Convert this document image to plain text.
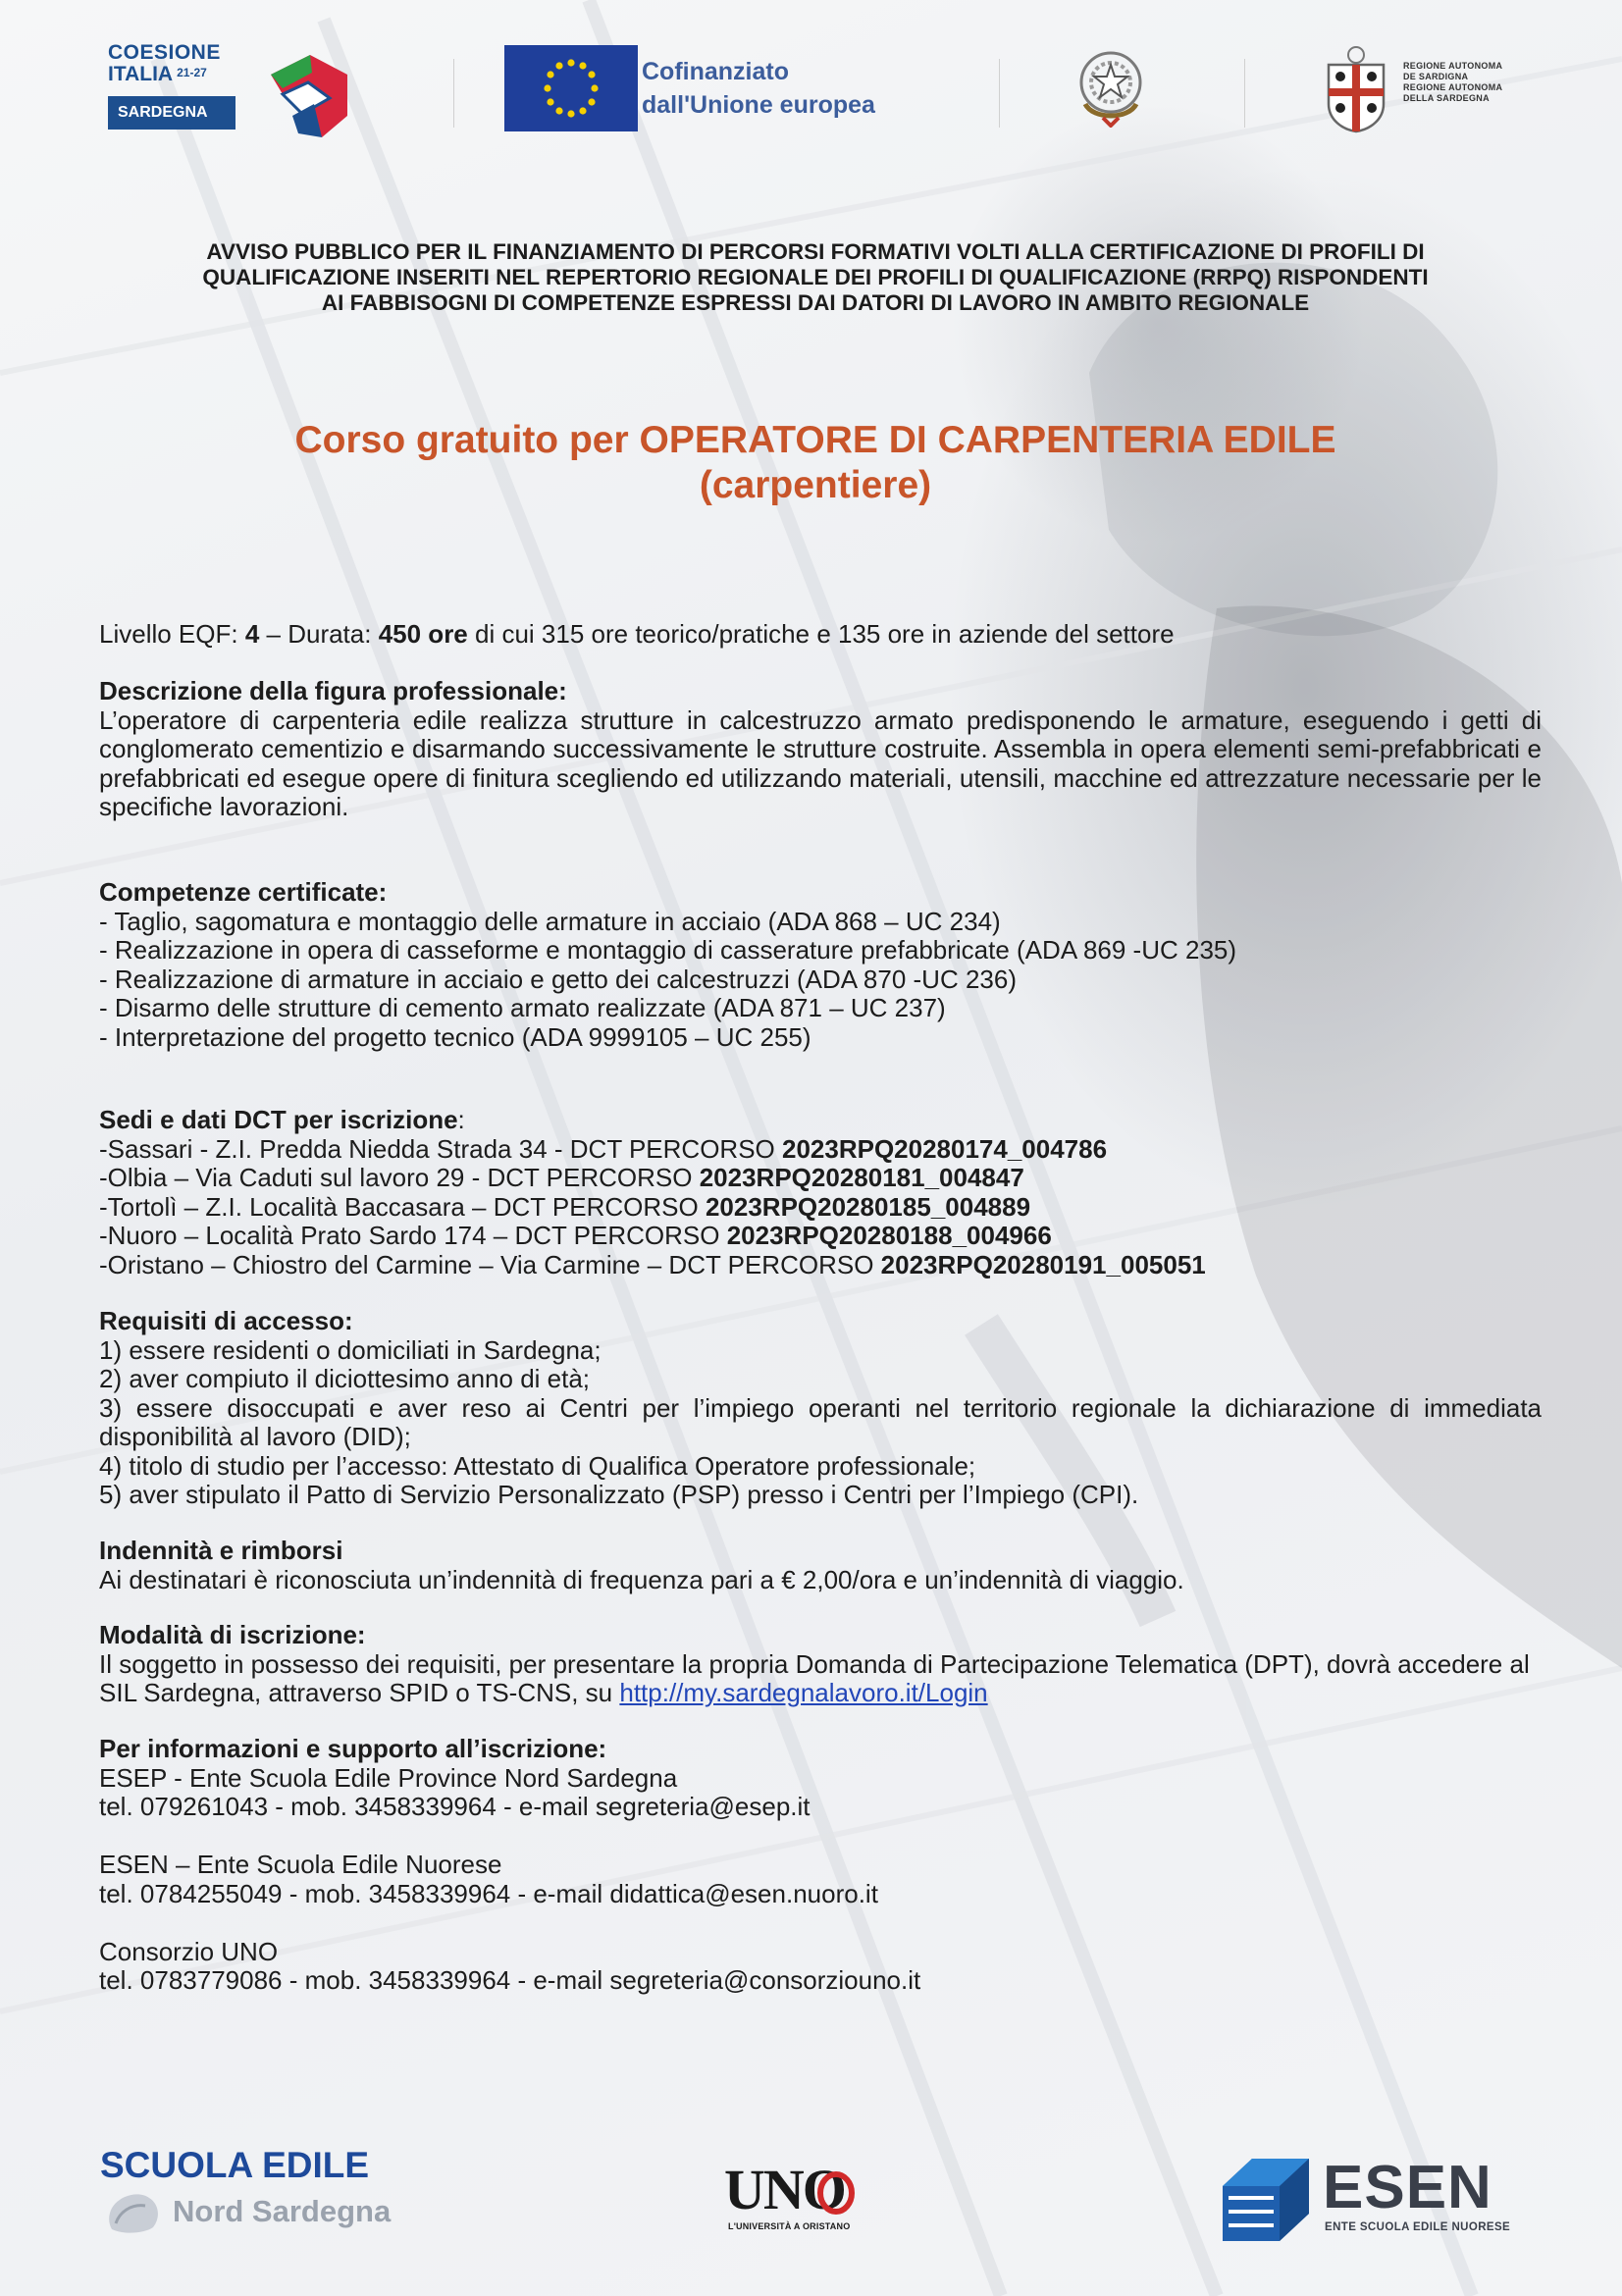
COESIONE
ITALIA 21-27
SARDEGNA
Cofinanziato
dall'Unione europea
REGIONE AUTONOMA
DE SARDIGNA
REGIONE AUTONOMA
DELLA SARDEGNA
AVVISO PUBBLICO PER IL FINANZIAMENTO DI PERCORSI FORMATIVI VOLTI ALLA CERTIFICAZIONE DI PROFILI DI
QUALIFICAZIONE INSERITI NEL REPERTORIO REGIONALE DEI PROFILI DI QUALIFICAZIONE (RRPQ) RISPONDENTI
AI FABBISOGNI DI COMPETENZE ESPRESSI DAI DATORI DI LAVORO IN AMBITO REGIONALE
Corso gratuito per OPERATORE DI CARPENTERIA EDILE
(carpentiere)
Livello EQF: 4 – Durata: 450 ore di cui 315 ore teorico/pratiche e 135 ore in aziende del settore
Descrizione della figura professionale:
L’operatore di carpenteria edile realizza strutture in calcestruzzo armato predisponendo le armature, eseguendo i getti di conglomerato cementizio e disarmando successivamente le strutture costruite. Assembla in opera elementi semi-prefabbricati e prefabbricati ed esegue opere di finitura scegliendo ed utilizzando materiali, utensili, macchine ed attrezzature necessarie per le specifiche lavorazioni.
Competenze certificate:
- Taglio, sagomatura e montaggio delle armature in acciaio (ADA 868 – UC 234)
- Realizzazione in opera di casseforme e montaggio di casserature prefabbricate (ADA 869 -UC 235)
- Realizzazione di armature in acciaio e getto dei calcestruzzi (ADA 870 -UC 236)
- Disarmo delle strutture di cemento armato realizzate (ADA 871 – UC 237)
- Interpretazione del progetto tecnico (ADA 9999105 – UC 255)
Sedi e dati DCT per iscrizione:
-Sassari - Z.I. Predda Niedda Strada 34 - DCT PERCORSO 2023RPQ20280174_004786
-Olbia – Via Caduti sul lavoro 29 - DCT PERCORSO 2023RPQ20280181_004847
-Tortolì – Z.I. Località Baccasara – DCT PERCORSO 2023RPQ20280185_004889
-Nuoro – Località Prato Sardo 174 – DCT PERCORSO 2023RPQ20280188_004966
-Oristano – Chiostro del Carmine – Via Carmine – DCT PERCORSO 2023RPQ20280191_005051
Requisiti di accesso:
1) essere residenti o domiciliati in Sardegna;
2) aver compiuto il diciottesimo anno di età;
3) essere disoccupati e aver reso ai Centri per l’impiego operanti nel territorio regionale la dichiarazione di immediata disponibilità al lavoro (DID);
4) titolo di studio per l’accesso: Attestato di Qualifica Operatore professionale;
5) aver stipulato il Patto di Servizio Personalizzato (PSP) presso i Centri per l’Impiego (CPI).
Indennità e rimborsi
Ai destinatari è riconosciuta un’indennità di frequenza pari a € 2,00/ora e un’indennità di viaggio.
Modalità di iscrizione:
Il soggetto in possesso dei requisiti, per presentare la propria Domanda di Partecipazione Telematica (DPT), dovrà accedere al SIL Sardegna, attraverso SPID o TS-CNS, su http://my.sardegnalavoro.it/Login
Per informazioni e supporto all’iscrizione:
ESEP - Ente Scuola Edile Province Nord Sardegna
tel. 079261043 - mob. 3458339964 - e-mail segreteria@esep.it
ESEN – Ente Scuola Edile Nuorese
tel. 0784255049 - mob. 3458339964 - e-mail didattica@esen.nuoro.it
Consorzio UNO
tel. 0783779086 - mob. 3458339964 - e-mail segreteria@consorziouno.it
SCUOLA EDILE
Nord Sardegna	UNO
L'UNIVERSITÀ A ORISTANO
ESEN
ENTE SCUOLA EDILE NUORESE
